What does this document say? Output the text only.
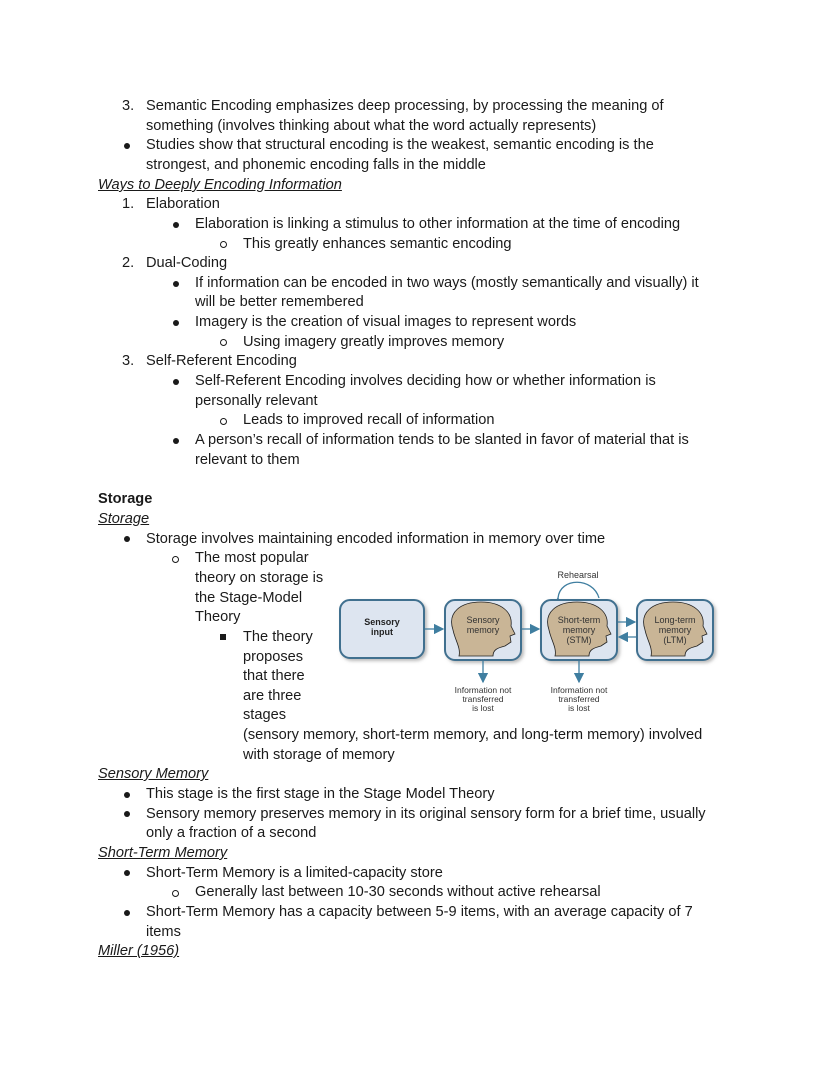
3. Semantic Encoding emphasizes deep processing, by processing the meaning of
something (involves thinking about what the word actually represents)
Studies show that structural encoding is the weakest, semantic encoding is the
strongest, and phonemic encoding falls in the middle
Ways to Deeply Encoding Information
1. Elaboration
Elaboration is linking a stimulus to other information at the time of encoding
This greatly enhances semantic encoding
2. Dual-Coding
If information can be encoded in two ways (mostly semantically and visually) it
will be better remembered
Imagery is the creation of visual images to represent words
Using imagery greatly improves memory
3. Self-Referent Encoding
Self-Referent Encoding involves deciding how or whether information is
personally relevant
Leads to improved recall of information
A person’s recall of information tends to be slanted in favor of material that is
relevant to them
Storage
Storage
Storage involves maintaining encoded information in memory over time
The most popular
theory on storage is
the Stage-Model
Theory
The theory
proposes
that there
are three
stages
(sensory memory, short-term memory, and long-term memory) involved
with storage of memory
Rehearsal
Sensory
input
Sensory
memory
Short-term
memory
(STM)
Long-term
memory
(LTM)
Information not
transferred
is lost
Information not
transferred
is lost
Sensory Memory
This stage is the first stage in the Stage Model Theory
Sensory memory preserves memory in its original sensory form for a brief time, usually
only a fraction of a second
Short-Term Memory
Short-Term Memory is a limited-capacity store
Generally last between 10-30 seconds without active rehearsal
Short-Term Memory has a capacity between 5-9 items, with an average capacity of 7
items
Miller (1956)
